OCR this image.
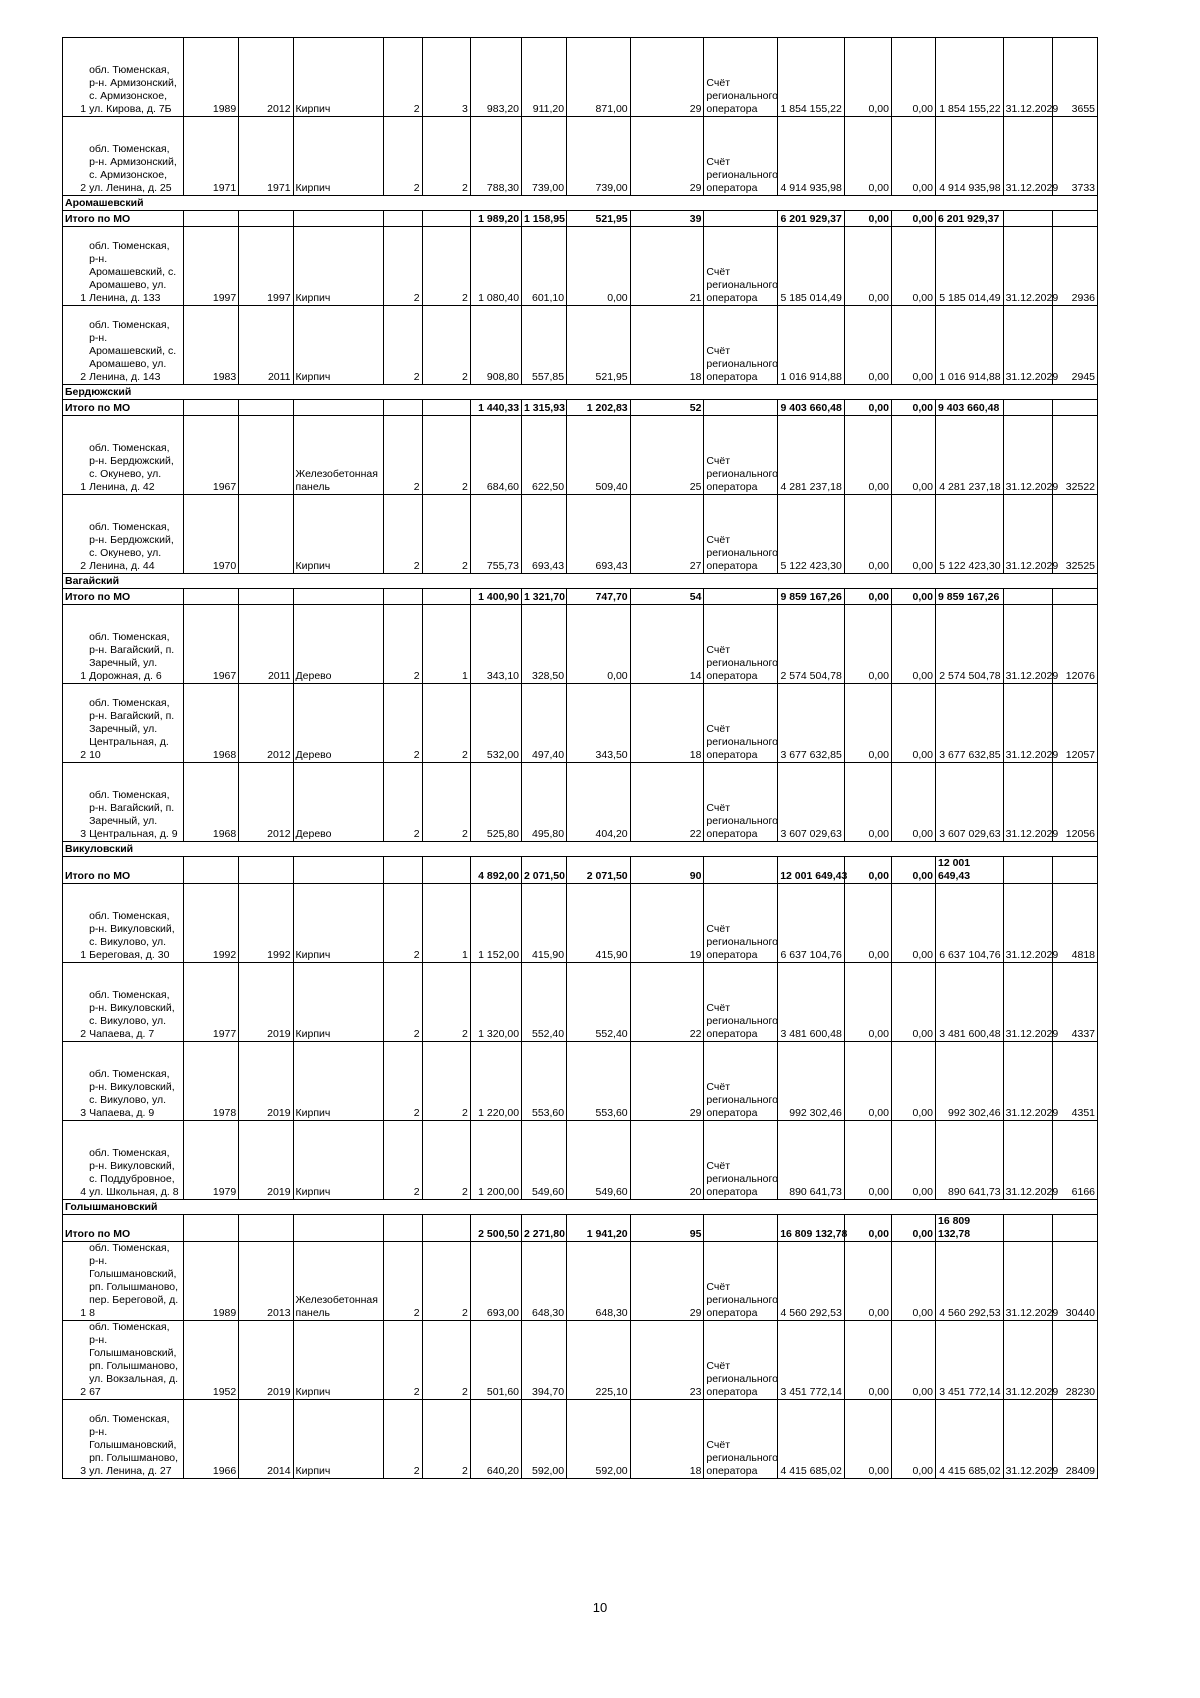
1	обл. Тюменская, р-н. Армизонский, с. Армизонское, ул. Кирова, д. 7Б	1989	2012	Кирпич	2	3	983,20	911,20	871,00	29	Счёт регионального оператора	1 854 155,22	0,00	0,00	1 854 155,22	31.12.2029	3655
2	обл. Тюменская, р-н. Армизонский, с. Армизонское, ул. Ленина, д. 25	1971	1971	Кирпич	2	2	788,30	739,00	739,00	29	Счёт регионального оператора	4 914 935,98	0,00	0,00	4 914 935,98	31.12.2029	3733
Аромашевский																	
Итого по МО							1 989,20	1 158,95	521,95	39		6 201 929,37	0,00	0,00	6 201 929,37		
1	обл. Тюменская, р-н. Аромашевский, с. Аромашево, ул. Ленина, д. 133	1997	1997	Кирпич	2	2	1 080,40	601,10	0,00	21	Счёт регионального оператора	5 185 014,49	0,00	0,00	5 185 014,49	31.12.2029	2936
2	обл. Тюменская, р-н. Аромашевский, с. Аромашево, ул. Ленина, д. 143	1983	2011	Кирпич	2	2	908,80	557,85	521,95	18	Счёт регионального оператора	1 016 914,88	0,00	0,00	1 016 914,88	31.12.2029	2945
Бердюжский																	
Итого по МО							1 440,33	1 315,93	1 202,83	52		9 403 660,48	0,00	0,00	9 403 660,48		
1	обл. Тюменская, р-н. Бердюжский, с. Окунево, ул. Ленина, д. 42	1967		Железобетонная панель	2	2	684,60	622,50	509,40	25	Счёт регионального оператора	4 281 237,18	0,00	0,00	4 281 237,18	31.12.2029	32522
2	обл. Тюменская, р-н. Бердюжский, с. Окунево, ул. Ленина, д. 44	1970		Кирпич	2	2	755,73	693,43	693,43	27	Счёт регионального оператора	5 122 423,30	0,00	0,00	5 122 423,30	31.12.2029	32525
Вагайский																	
Итого по МО							1 400,90	1 321,70	747,70	54		9 859 167,26	0,00	0,00	9 859 167,26		
1	обл. Тюменская, р-н. Вагайский, п. Заречный, ул. Дорожная, д. 6	1967	2011	Дерево	2	1	343,10	328,50	0,00	14	Счёт регионального оператора	2 574 504,78	0,00	0,00	2 574 504,78	31.12.2029	12076
2	обл. Тюменская, р-н. Вагайский, п. Заречный, ул. Центральная, д. 10	1968	2012	Дерево	2	2	532,00	497,40	343,50	18	Счёт регионального оператора	3 677 632,85	0,00	0,00	3 677 632,85	31.12.2029	12057
3	обл. Тюменская, р-н. Вагайский, п. Заречный, ул. Центральная, д. 9	1968	2012	Дерево	2	2	525,80	495,80	404,20	22	Счёт регионального оператора	3 607 029,63	0,00	0,00	3 607 029,63	31.12.2029	12056
Викуловский																	
Итого по МО							4 892,00	2 071,50	2 071,50	90		12 001 649,43	0,00	0,00	12 001 649,43		
1	обл. Тюменская, р-н. Викуловский, с. Викулово, ул. Береговая, д. 30	1992	1992	Кирпич	2	1	1 152,00	415,90	415,90	19	Счёт регионального оператора	6 637 104,76	0,00	0,00	6 637 104,76	31.12.2029	4818
2	обл. Тюменская, р-н. Викуловский, с. Викулово, ул. Чапаева, д. 7	1977	2019	Кирпич	2	2	1 320,00	552,40	552,40	22	Счёт регионального оператора	3 481 600,48	0,00	0,00	3 481 600,48	31.12.2029	4337
3	обл. Тюменская, р-н. Викуловский, с. Викулово, ул. Чапаева, д. 9	1978	2019	Кирпич	2	2	1 220,00	553,60	553,60	29	Счёт регионального оператора	992 302,46	0,00	0,00	992 302,46	31.12.2029	4351
4	обл. Тюменская, р-н. Викуловский, с. Поддубровное, ул. Школьная, д. 8	1979	2019	Кирпич	2	2	1 200,00	549,60	549,60	20	Счёт регионального оператора	890 641,73	0,00	0,00	890 641,73	31.12.2029	6166
Голышмановский																	
Итого по МО							2 500,50	2 271,80	1 941,20	95		16 809 132,78	0,00	0,00	16 809 132,78		
1	обл. Тюменская, р-н. Голышмановский, рп. Голышманово, пер. Береговой, д. 8	1989	2013	Железобетонная панель	2	2	693,00	648,30	648,30	29	Счёт регионального оператора	4 560 292,53	0,00	0,00	4 560 292,53	31.12.2029	30440
2	обл. Тюменская, р-н. Голышмановский, рп. Голышманово, ул. Вокзальная, д. 67	1952	2019	Кирпич	2	2	501,60	394,70	225,10	23	Счёт регионального оператора	3 451 772,14	0,00	0,00	3 451 772,14	31.12.2029	28230
3	обл. Тюменская, р-н. Голышмановский, рп. Голышманово, ул. Ленина, д. 27	1966	2014	Кирпич	2	2	640,20	592,00	592,00	18	Счёт регионального оператора	4 415 685,02	0,00	0,00	4 415 685,02	31.12.2029	28409
10
